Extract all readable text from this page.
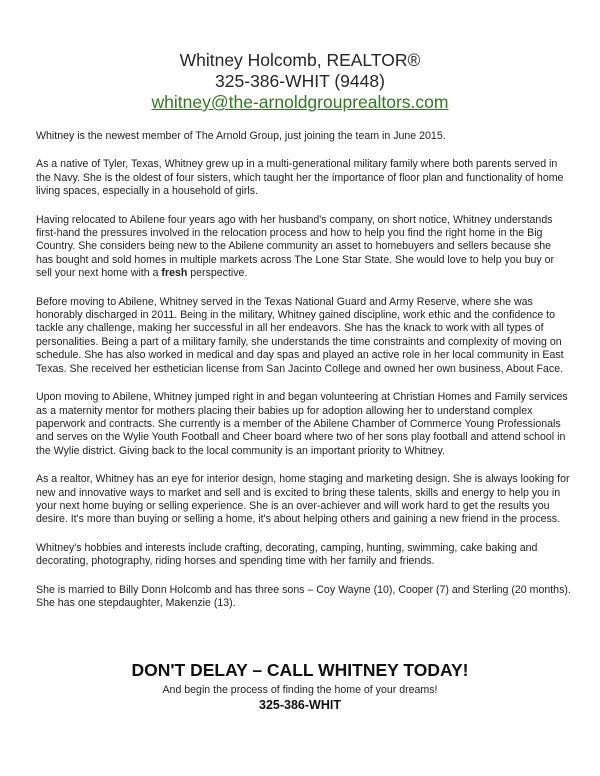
Whitney Holcomb, REALTOR®
325-386-WHIT (9448)
whitney@the-arnoldgrouprealtors.com

Whitney is the newest member of The Arnold Group, just joining the team in June 2015.

As a native of Tyler, Texas, Whitney grew up in a multi-generational military family where both parents served in the Navy. She is the oldest of four sisters, which taught her the importance of floor plan and functionality of home living spaces, especially in a household of girls.

Having relocated to Abilene four years ago with her husband's company, on short notice, Whitney understands first-hand the pressures involved in the relocation process and how to help you find the right home in the Big Country. She considers being new to the Abilene community an asset to homebuyers and sellers because she has bought and sold homes in multiple markets across The Lone Star State. She would love to help you buy or sell your next home with a fresh perspective.

Before moving to Abilene, Whitney served in the Texas National Guard and Army Reserve, where she was honorably discharged in 2011. Being in the military, Whitney gained discipline, work ethic and the confidence to tackle any challenge, making her successful in all her endeavors. She has the knack to work with all types of personalities. Being a part of a military family, she understands the time constraints and complexity of moving on schedule. She has also worked in medical and day spas and played an active role in her local community in East Texas. She received her esthetician license from San Jacinto College and owned her own business, About Face.

Upon moving to Abilene, Whitney jumped right in and began volunteering at Christian Homes and Family services as a maternity mentor for mothers placing their babies up for adoption allowing her to understand complex paperwork and contracts. She currently is a member of the Abilene Chamber of Commerce Young Professionals and serves on the Wylie Youth Football and Cheer board where two of her sons play football and attend school in the Wylie district. Giving back to the local community is an important priority to Whitney.

As a realtor, Whitney has an eye for interior design, home staging and marketing design. She is always looking for new and innovative ways to market and sell and is excited to bring these talents, skills and energy to help you in your next home buying or selling experience. She is an over-achiever and will work hard to get the results you desire. It's more than buying or selling a home, it's about helping others and gaining a new friend in the process.

Whitney's hobbies and interests include crafting, decorating, camping, hunting, swimming, cake baking and decorating, photography, riding horses and spending time with her family and friends.

She is married to Billy Donn Holcomb and has three sons – Coy Wayne (10), Cooper (7) and Sterling (20 months). She has one stepdaughter, Makenzie (13).

DON'T DELAY – CALL WHITNEY TODAY!
And begin the process of finding the home of your dreams!
325-386-WHIT
